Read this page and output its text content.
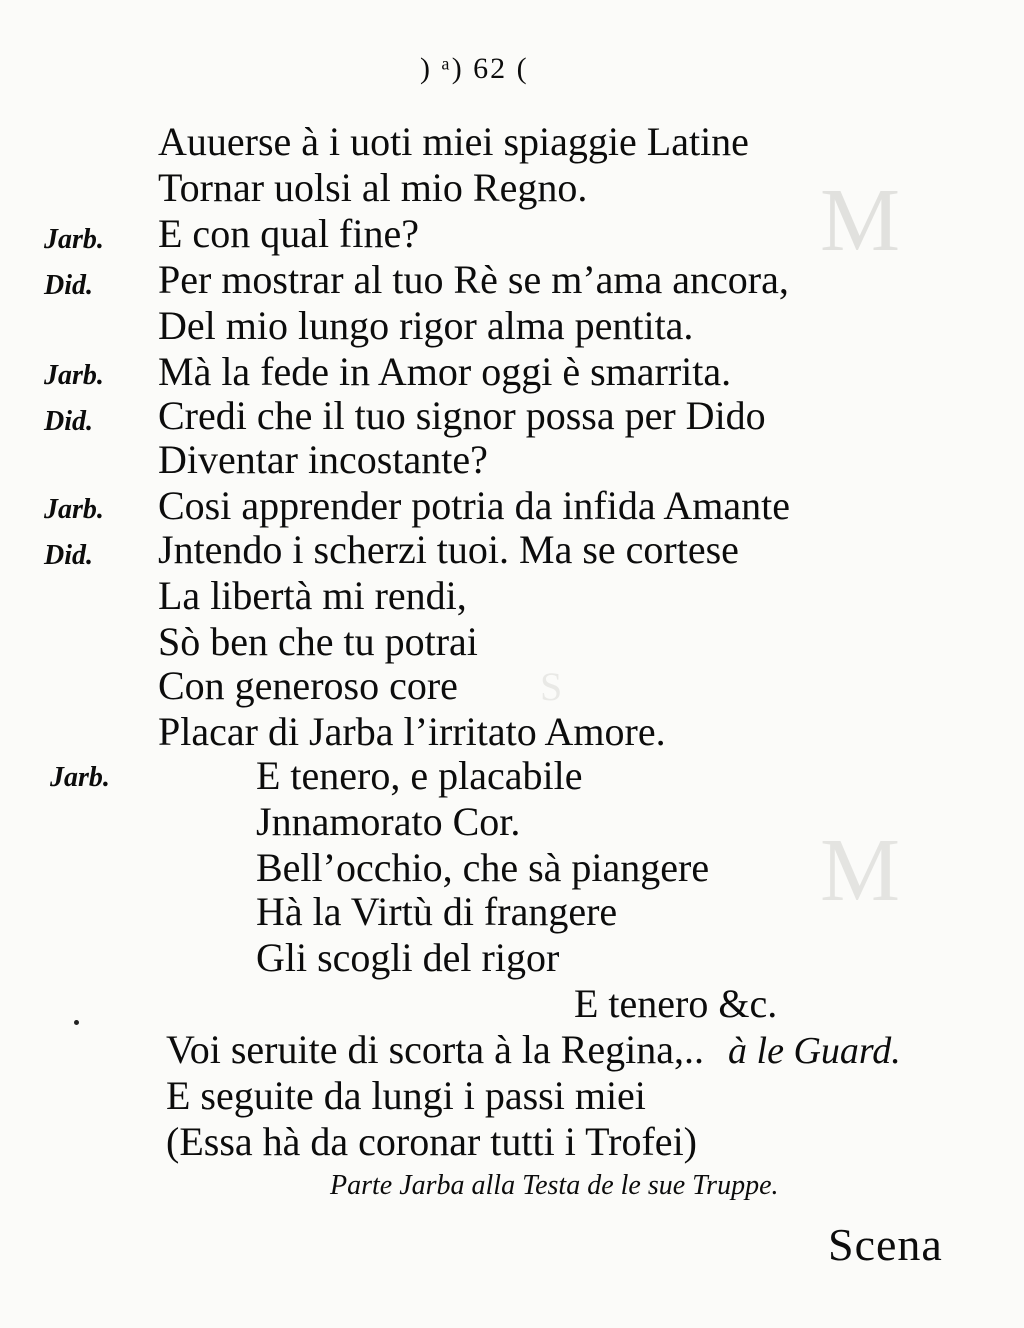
M
M
S
) ᵃ) 62 (
Jarb.
Did.
Jarb.
Did.
Jarb.
Did.
Jarb.
Auuerse à i uoti miei spiaggie Latine
Tornar uolsi al mio Regno.
E con qual fine?
Per mostrar al tuo Rè se m’ama ancora,
Del mio lungo rigor alma pentita.
Mà la fede in Amor oggi è smarrita.
Credi che il tuo signor possa per Dido
Diventar incostante?
Cosi apprender potria da infida Amante
Jntendo i scherzi tuoi. Ma se cortese
La libertà mi rendi,
Sò ben che tu potrai
Con generoso core
Placar di Jarba l’irritato Amore.
E tenero, e placabile
Jnnamorato Cor.
Bell’occhio, che sà piangere
Hà la Virtù di frangere
Gli scogli del rigor
E tenero &c.
Voi seruite di scorta à la Regina,.. à le Guard.
E seguite da lungi i passi miei
(Essa hà da coronar tutti i Trofei)
Parte Jarba alla Testa de le sue Truppe.
Scena
